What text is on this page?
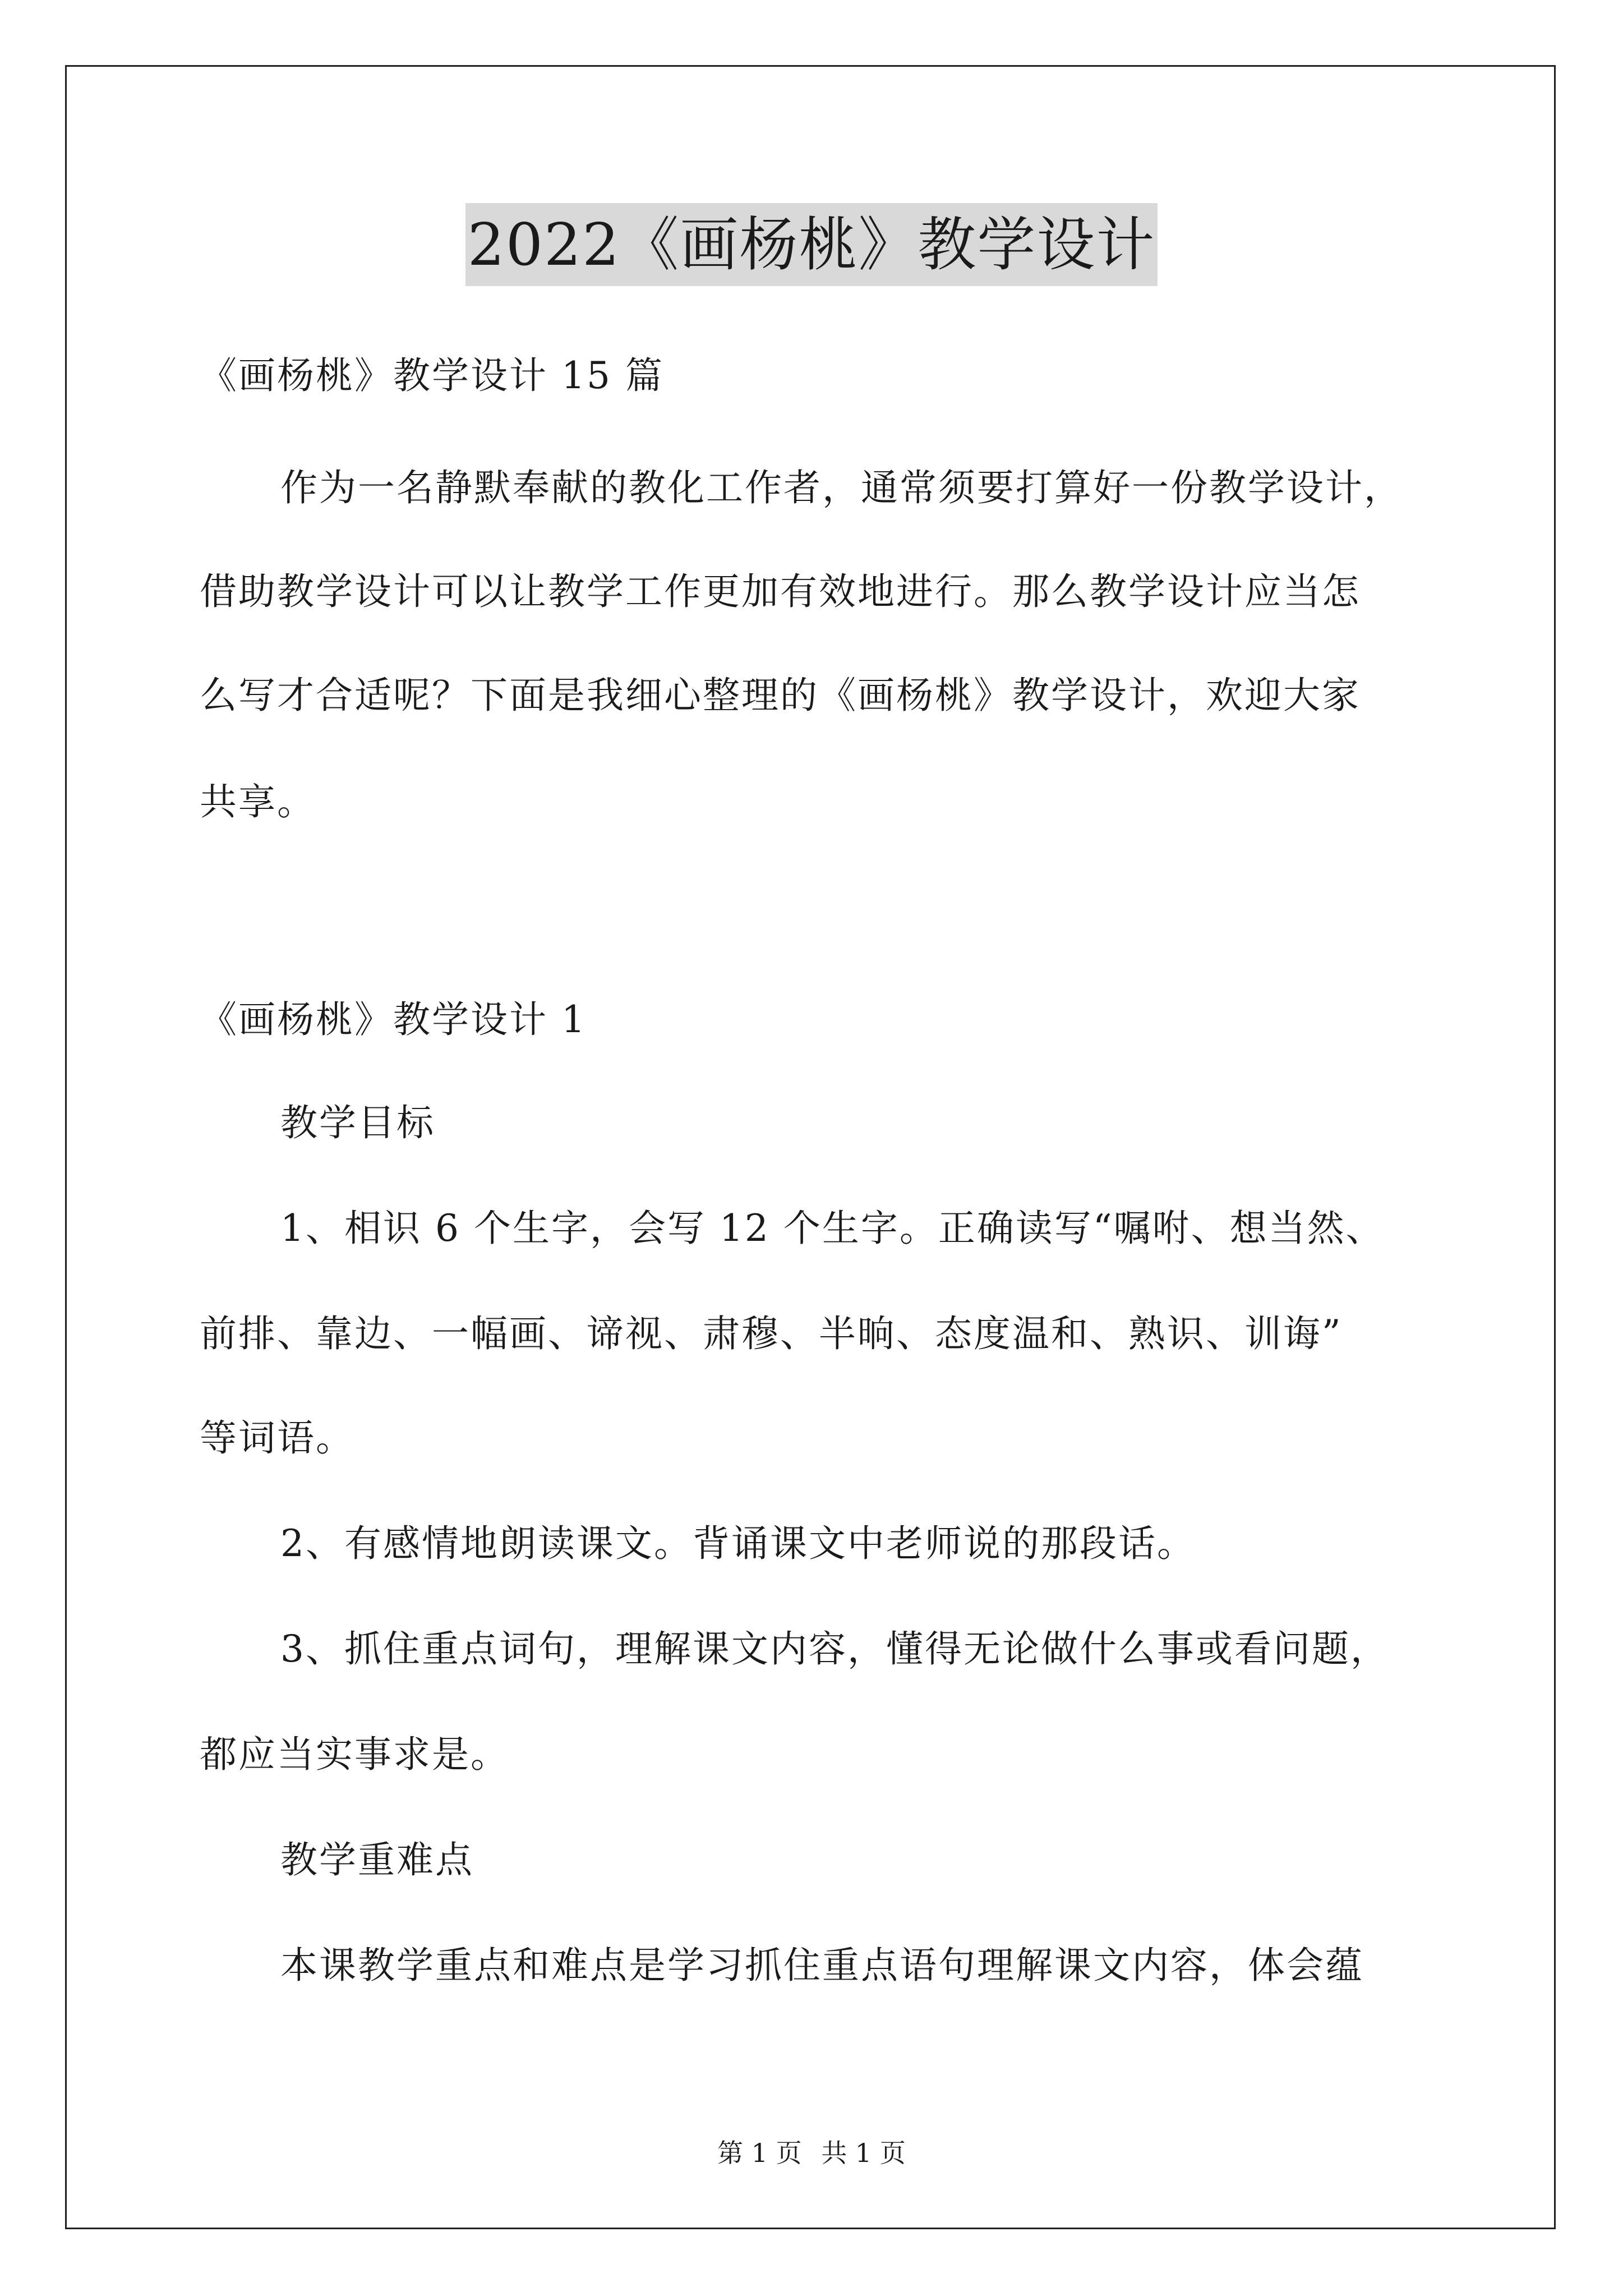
2022《画杨桃》教学设计
《画杨桃》教学设计 15 篇
作为一名静默奉献的教化工作者，通常须要打算好一份教学设计，
借助教学设计可以让教学工作更加有效地进行。那么教学设计应当怎
么写才合适呢？下面是我细心整理的《画杨桃》教学设计，欢迎大家
共享。
《画杨桃》教学设计 1
教学目标
1、相识 6 个生字，会写 12 个生字。正确读写“嘱咐、想当然、
前排、靠边、一幅画、谛视、肃穆、半晌、态度温和、熟识、训诲”
等词语。
2、有感情地朗读课文。背诵课文中老师说的那段话。
3、抓住重点词句，理解课文内容，懂得无论做什么事或看问题，
都应当实事求是。
教学重难点
本课教学重点和难点是学习抓住重点语句理解课文内容，体会蕴
第 1 页 共 1 页
